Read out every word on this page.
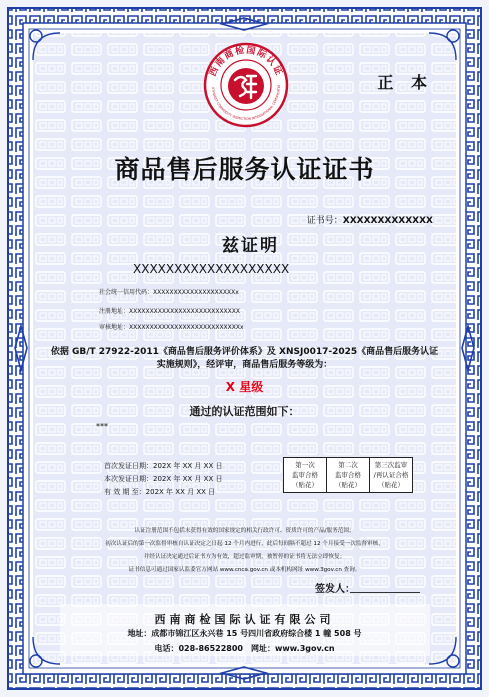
西南商检国际认证
UTHWEST COMMODITY INSPECTION INTERNATIONAL CERTIFICATIO	正 本
商品售后服务认证证书
证书号：XXXXXXXXXXXXX
兹证明
XXXXXXXXXXXXXXXXXXX
社会统一信用代码：XXXXXXXXXXXXXXXXXXXXx
注册地址：XXXXXXXXXXXXXXXXXXXXXXXXXXX
审核地址：XXXXXXXXXXXXXXXXXXXXXXXXXXXx
依据 GB/T 27922-2011《商品售后服务评价体系》及 XNSJ0017-2025《商品售后服务认证
实施规则》，经评审，商品售后服务等级为：
X 星级
通过的认证范围如下：
***
首次发证日期：202X 年 XX 月 XX 日
本次发证日期：202X 年 XX 月 XX 日
有 效 期 至：202X 年 XX 月 XX 日
第一次
监审合格
（贴花）	第二次
监审合格
（贴花）	第三次监审
/再认证合格
（贴花）
认证注册范围不包括未获得有效的国家规定的相关行政许可、资质许可的产品/服务范围；
初次认证后的第一次监督审核自认证决定之日起 12 个月内进行，此后每间隔不超过 12 个月接受一次监督审核，
并经认证决定通过后证书方为有效，超过监审期，被暂停的证书将无法立即恢复；
证书信息可通过国家认监委官方网站 www.cnca.gov.cn 或本机构网址 www.3gov.cn 查询。
签发人：
西南商检国际认证有限公司
地址：成都市锦江区永兴巷 15 号四川省政府综合楼 1 幢 508 号
电话：028-86522800　网址：www.3gov.cn
